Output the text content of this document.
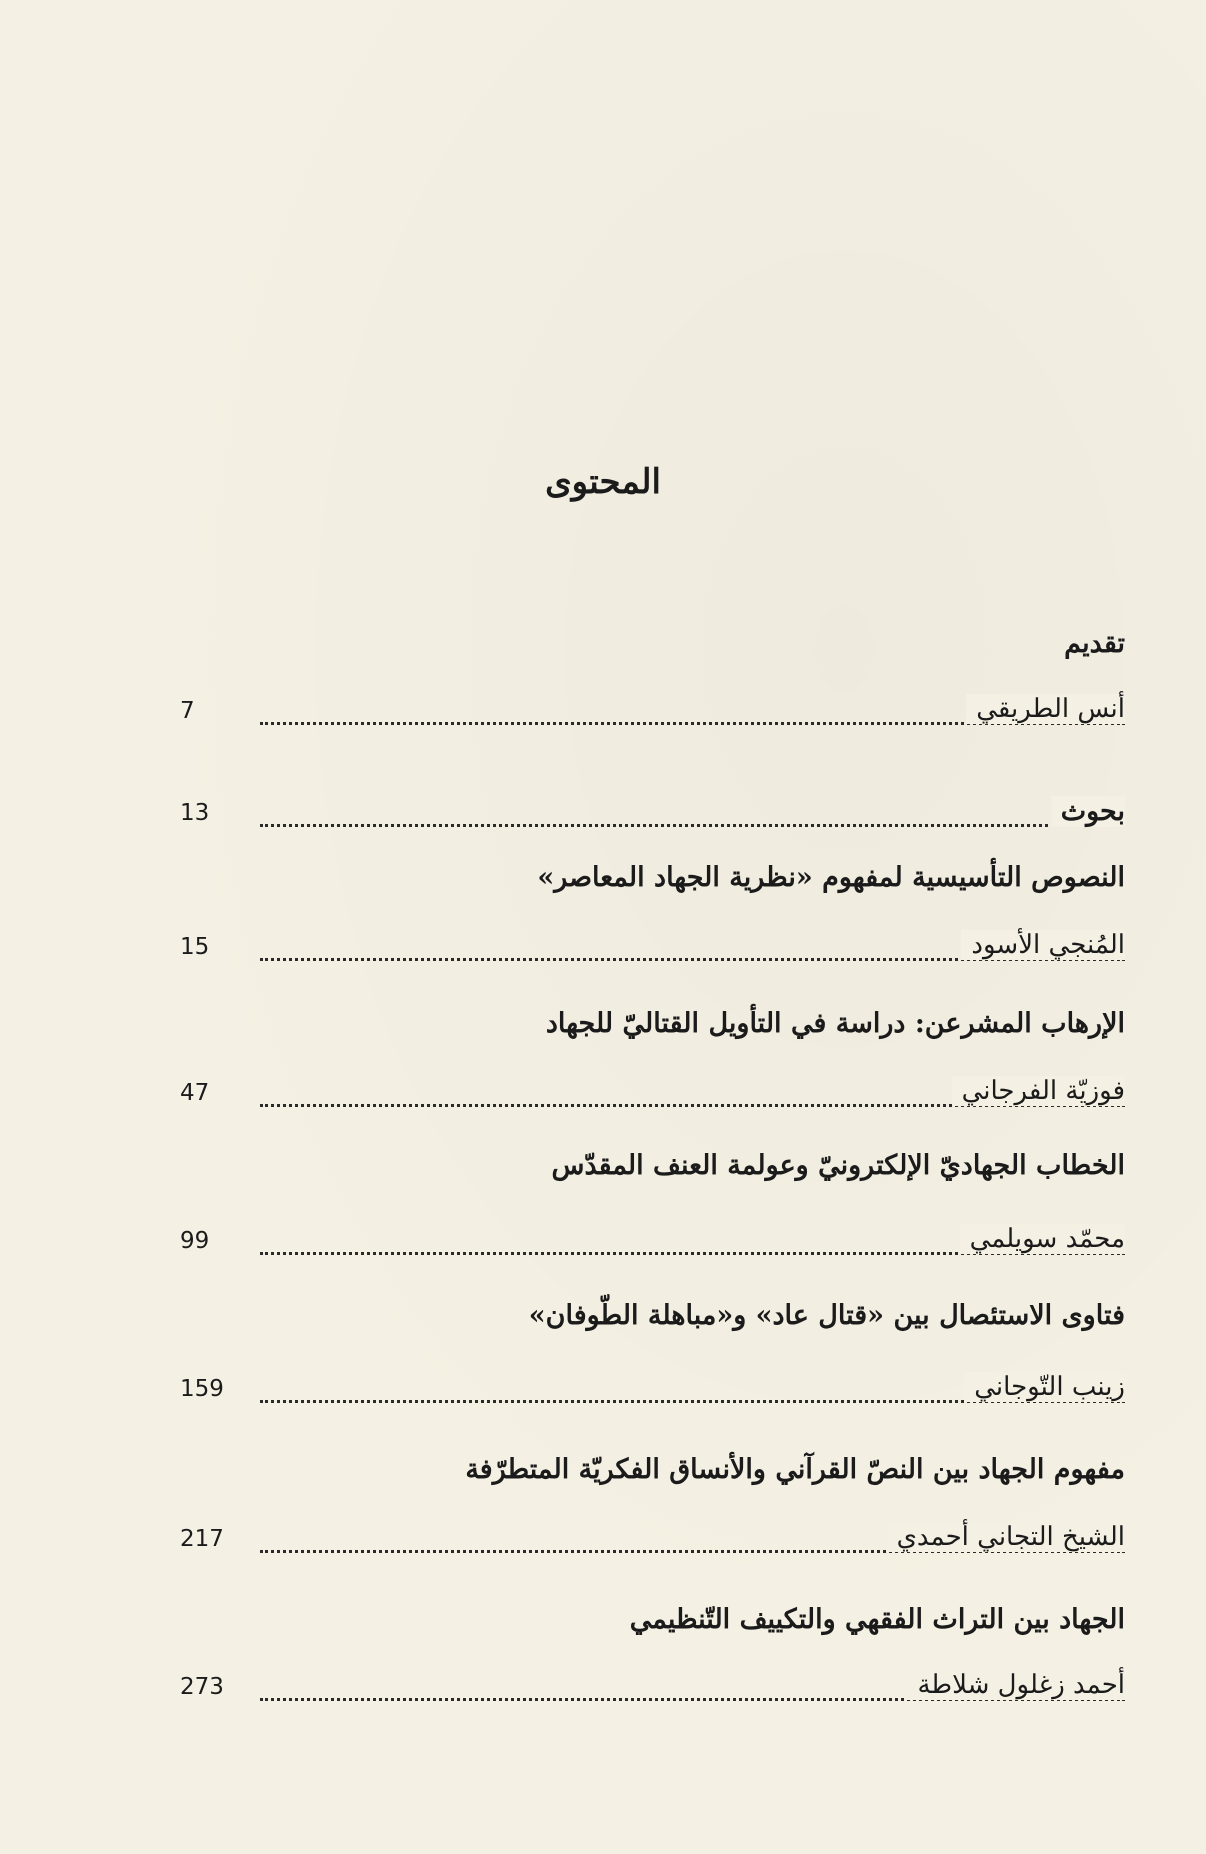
المحتوى
تقديم
أنس الطريقي
7
بحوث
13
النصوص التأسيسية لمفهوم «نظرية الجهاد المعاصر»
المُنجي الأسود
15
الإرهاب المشرعن: دراسة في التأويل القتاليّ للجهاد
فوزيّة الفرجاني
47
الخطاب الجهاديّ الإلكترونيّ وعولمة العنف المقدّس
محمّد سويلمي
99
فتاوى الاستئصال بين «قتال عاد» و«مباهلة الطّوفان»
زينب التّوجاني
159
مفهوم الجهاد بين النصّ القرآني والأنساق الفكريّة المتطرّفة
الشيخ التجاني أحمدي
217
الجهاد بين التراث الفقهي والتكييف التّنظيمي
أحمد زغلول شلاطة
273
